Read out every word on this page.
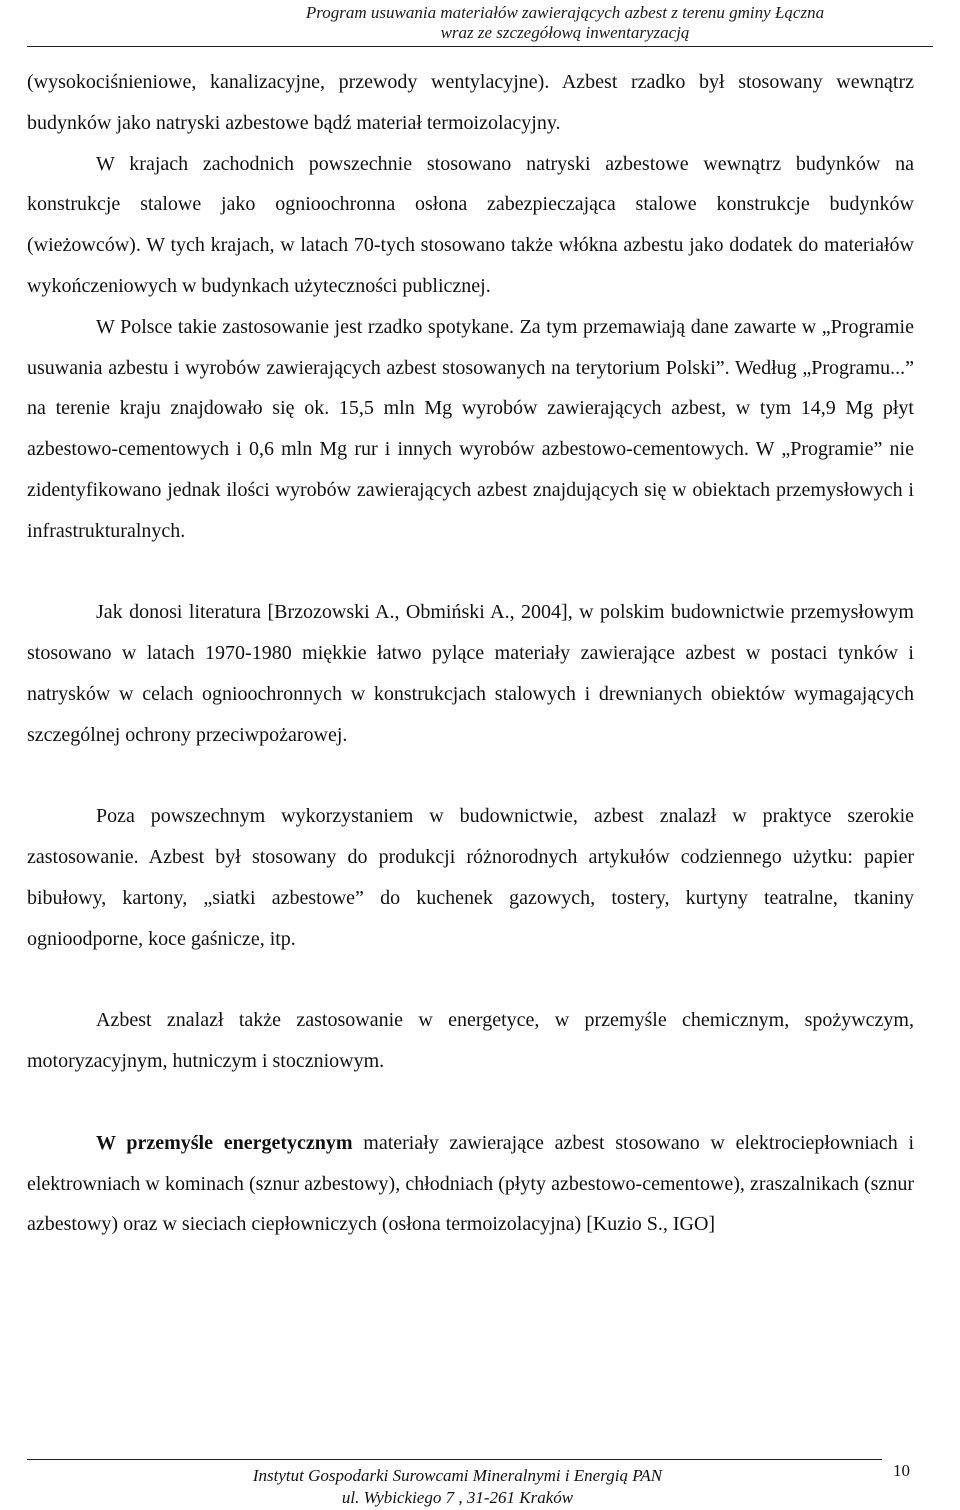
Program usuwania materiałów zawierających azbest z terenu gminy Łączna
wraz ze szczegółową inwentaryzacją

(wysokociśnieniowe, kanalizacyjne, przewody wentylacyjne). Azbest rzadko był stosowany wewnątrz budynków jako natryski azbestowe bądź materiał termoizolacyjny.

W krajach zachodnich powszechnie stosowano natryski azbestowe wewnątrz budynków na konstrukcje stalowe jako ognioochronna osłona zabezpieczająca stalowe konstrukcje budynków (wieżowców). W tych krajach, w latach 70-tych stosowano także włókna azbestu jako dodatek do materiałów wykończeniowych w budynkach użyteczności publicznej.

W Polsce takie zastosowanie jest rzadko spotykane. Za tym przemawiają dane zawarte w „Programie usuwania azbestu i wyrobów zawierających azbest stosowanych na terytorium Polski”. Według „Programu...” na terenie kraju znajdowało się ok. 15,5 mln Mg wyrobów zawierających azbest, w tym 14,9 Mg płyt azbestowo-cementowych i 0,6 mln Mg rur i innych wyrobów azbestowo-cementowych. W „Programie” nie zidentyfikowano jednak ilości wyrobów zawierających azbest znajdujących się w obiektach przemysłowych i infrastrukturalnych.

Jak donosi literatura [Brzozowski A., Obmiński A., 2004], w polskim budownictwie przemysłowym stosowano w latach 1970-1980 miękkie łatwo pylące materiały zawierające azbest w postaci tynków i natrysków w celach ognioochronnych w konstrukcjach stalowych i drewnianych obiektów wymagających szczególnej ochrony przeciwpożarowej.

Poza powszechnym wykorzystaniem w budownictwie, azbest znalazł w praktyce szerokie zastosowanie. Azbest był stosowany do produkcji różnorodnych artykułów codziennego użytku: papier bibułowy, kartony, „siatki azbestowe” do kuchenek gazowych, tostery, kurtyny teatralne, tkaniny ognioodporne, koce gaśnicze, itp.

Azbest znalazł także zastosowanie w energetyce, w przemyśle chemicznym, spożywczym, motoryzacyjnym, hutniczym i stoczniowym.

W przemyśle energetycznym materiały zawierające azbest stosowano w elektrociepłowniach i elektrowniach w kominach (sznur azbestowy), chłodniach (płyty azbestowo-cementowe), zraszalnikach (sznur azbestowy) oraz w sieciach ciepłowniczych (osłona termoizolacyjna) [Kuzio S., IGO]

Instytut Gospodarki Surowcami Mineralnymi i Energią PAN
ul. Wybickiego 7 , 31-261 Kraków
10
